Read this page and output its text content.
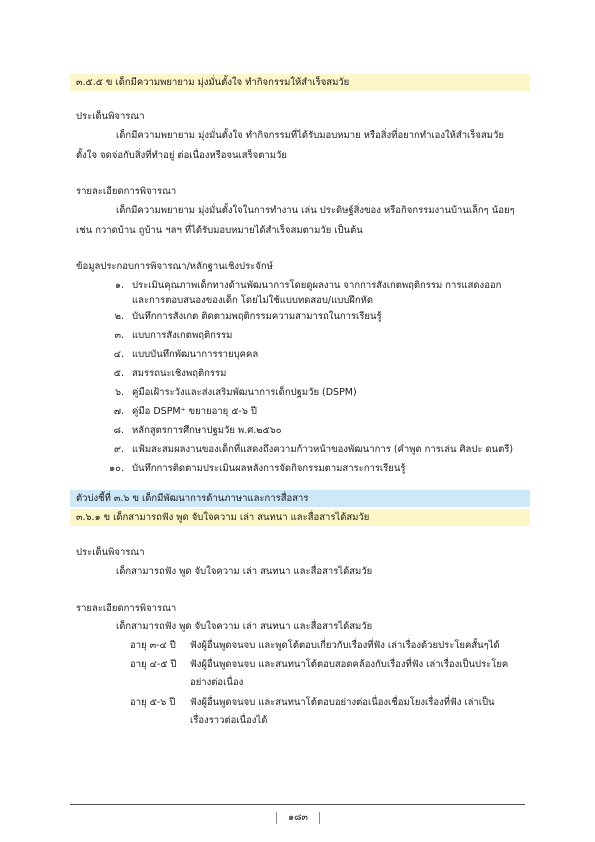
๓.๕.๕ ข เด็กมีความพยายาม มุ่งมั่นตั้งใจ ทำกิจกรรมให้สำเร็จสมวัย
ประเด็นพิจารณา
เด็กมีความพยายาม มุ่งมั่นตั้งใจ ทำกิจกรรมที่ได้รับมอบหมาย หรือสิ่งที่อยากทำเองให้สำเร็จสมวัย
ตั้งใจ จดจ่อกับสิ่งที่ทำอยู่ ต่อเนื่องหรือจนเสร็จตามวัย
รายละเอียดการพิจารณา
เด็กมีความพยายาม มุ่งมั่นตั้งใจในการทำงาน เล่น ประดิษฐ์สิ่งของ หรือกิจกรรมงานบ้านเล็กๆ น้อยๆ
เช่น กวาดบ้าน ถูบ้าน ฯลฯ ที่ได้รับมอบหมายได้สำเร็จสมตามวัย เป็นต้น
ข้อมูลประกอบการพิจารณา/หลักฐานเชิงประจักษ์
๑. ประเมินคุณภาพเด็กทางด้านพัฒนาการโดยดูผลงาน จากการสังเกตพฤติกรรม การแสดงออก
และการตอบสนองของเด็ก โดยไม่ใช้แบบทดสอบ/แบบฝึกหัด
๒. บันทึกการสังเกต ติดตามพฤติกรรมความสามารถในการเรียนรู้
๓. แบบการสังเกตพฤติกรรม
๔. แบบบันทึกพัฒนาการรายบุคคล
๕. สมรรถนะเชิงพฤติกรรม
๖. คู่มือเฝ้าระวังและส่งเสริมพัฒนาการเด็กปฐมวัย (DSPM)
๗. คู่มือ DSPM⁺ ขยายอายุ ๕-๖ ปี
๘. หลักสูตรการศึกษาปฐมวัย พ.ศ.๒๕๖๐
๙. แฟ้มสะสมผลงานของเด็กที่แสดงถึงความก้าวหน้าของพัฒนาการ (คำพูด การเล่น ศิลปะ ดนตรี)
๑๐. บันทึกการติดตามประเมินผลหลังการจัดกิจกรรมตามสาระการเรียนรู้
ตัวบ่งชี้ที่ ๓.๖ ข เด็กมีพัฒนาการด้านภาษาและการสื่อสาร
๓.๖.๑ ข เด็กสามารถฟัง พูด จับใจความ เล่า สนทนา และสื่อสารได้สมวัย
ประเด็นพิจารณา
เด็กสามารถฟัง พูด จับใจความ เล่า สนทนา และสื่อสารได้สมวัย
รายละเอียดการพิจารณา
เด็กสามารถฟัง พูด จับใจความ เล่า สนทนา และสื่อสารได้สมวัย
อายุ ๓-๔ ปี ฟังผู้อื่นพูดจนจบ และพูดโต้ตอบเกี่ยวกับเรื่องที่ฟัง เล่าเรื่องด้วยประโยคสั้นๆได้
อายุ ๔-๕ ปี ฟังผู้อื่นพูดจนจบ และสนทนาโต้ตอบสอดคล้องกับเรื่องที่ฟัง เล่าเรื่องเป็นประโยค
อย่างต่อเนื่อง
อายุ ๕-๖ ปี ฟังผู้อื่นพูดจนจบ และสนทนาโต้ตอบอย่างต่อเนื่องเชื่อมโยงเรื่องที่ฟัง เล่าเป็น
เรื่องราวต่อเนื่องได้
๑๘๓
